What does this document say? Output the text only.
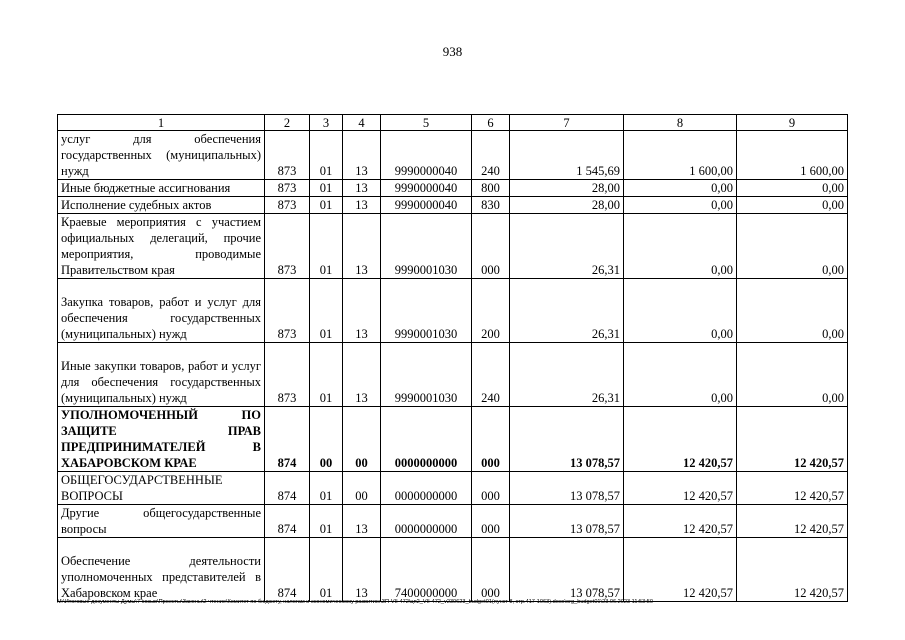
938
1	2	3	4	5	6	7	8	9
услуг для обеспечения государственных (муниципальных) нужд	873	01	13	9990000040	240	1 545,69	1 600,00	1 600,00
Иные бюджетные ассигнования	873	01	13	9990000040	800	28,00	0,00	0,00
Исполнение судебных актов	873	01	13	9990000040	830	28,00	0,00	0,00
Краевые мероприятия с участием официальных делегаций, прочие мероприятия, проводимые Правительством края	873	01	13	9990001030	000	26,31	0,00	0,00
Закупка товаров, работ и услуг для обеспечения государственных (муниципальных) нужд	873	01	13	9990001030	200	26,31	0,00	0,00
Иные закупки товаров, работ и услуг для обеспечения государственных (муниципальных) нужд	873	01	13	9990001030	240	26,31	0,00	0,00
УПОЛНОМОЧЕННЫЙ ПО ЗАЩИТЕ ПРАВ ПРЕДПРИНИМАТЕЛЕЙ В ХАБАРОВСКОМ КРАЕ	874	00	00	0000000000	000	13 078,57	12 420,57	12 420,57
ОБЩЕГОСУДАРСТВЕННЫЕ ВОПРОСЫ	874	01	00	0000000000	000	13 078,57	12 420,57	12 420,57
Другие общегосударственные вопросы	874	01	13	0000000000	000	13 078,57	12 420,57	12 420,57
Обеспечение деятельности уполномоченных представителей в Хабаровском крае	874	01	13	7400000000	000	13 078,57	12 420,57	12 420,57
М:\Итоговые документы Думы\7 созыв\Проекты\Законы\2 чтение\Комитет по бюджету, налогам и экономическому развитию\ЗП-VII-472\цп2_VII-472_v230623_budget01(пункт 8, стр.417-1063).docx\org_budget01\23.06.2023 11:53:50
